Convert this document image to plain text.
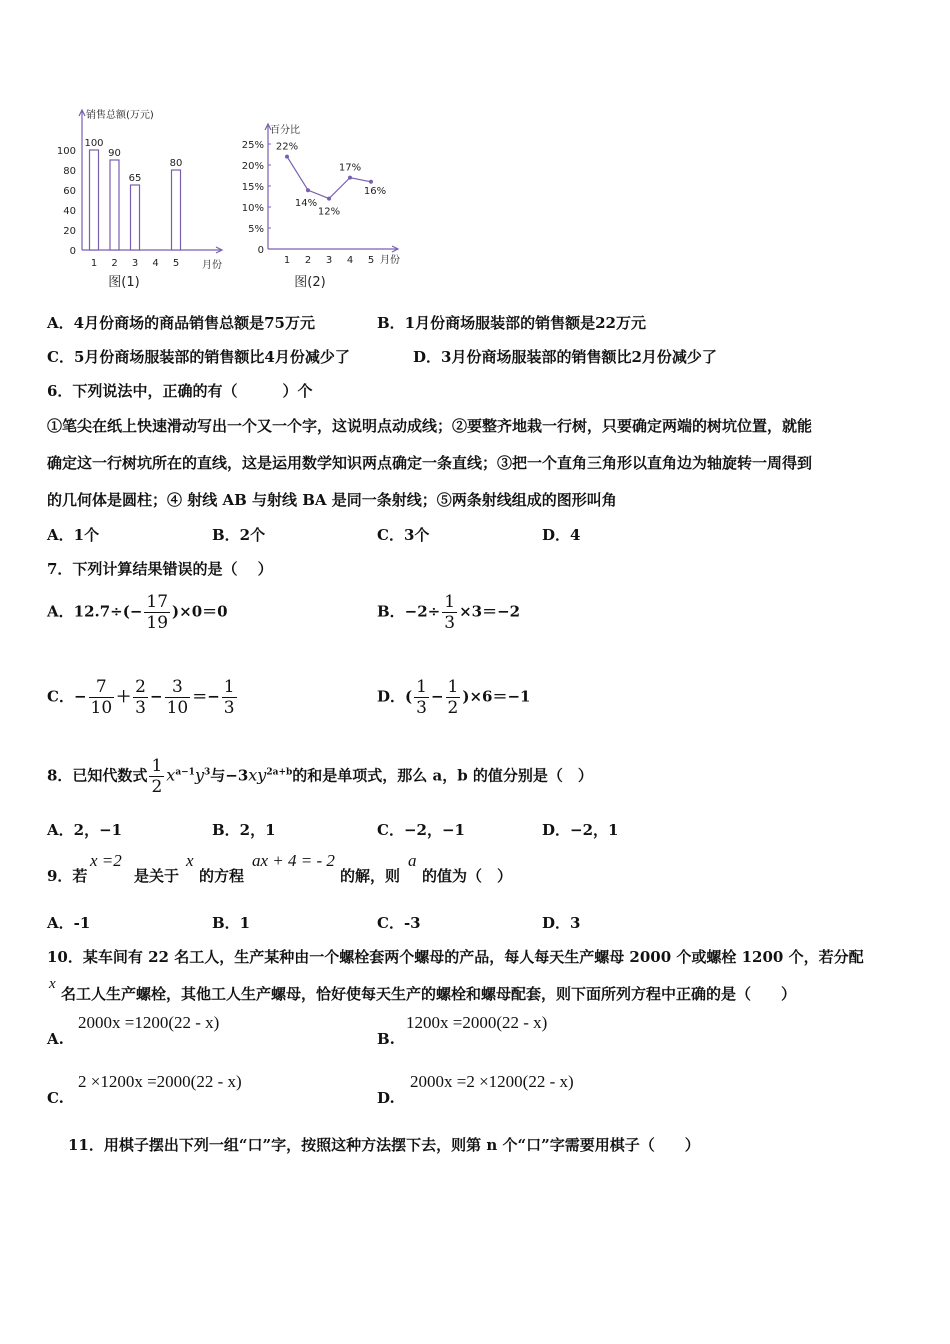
销售总额(万元)
0
20
40
60
80
100
1 2 3 4 5 月份
100
90
65
80
图(1)
百分比
0
5%
10%
15%
20%
25%
1 2 3 4 5 月份
22%
14%
12%
17%
16%
图(2)
A．4月份商场的商品销售总额是75万元	B．1月份商场服装部的销售额是22万元
C．5月份商场服装部的销售额比4月份减少了	D．3月份商场服装部的销售额比2月份减少了
6．下列说法中，正确的有（　　　）个
①笔尖在纸上快速滑动写出一个又一个字，这说明点动成线；②要整齐地栽一行树，只要确定两端的树坑位置，就能
确定这一行树坑所在的直线，这是运用数学知识两点确定一条直线；③把一个直角三角形以直角边为轴旋转一周得到
的几何体是圆柱；④ 射线 AB 与射线 BA 是同一条射线；⑤两条射线组成的图形叫角
A．1个	B．2个	C．3个	D．4
7．下列计算结果错误的是（　 ）
A．$12.7\div(- \frac{17}{19} )\times 0=0$	B．$-2\div \frac{1}{3} \times 3=-2$
C．− $\frac{7}{10} + \frac{2}{3} - \frac{3}{10} =- \frac{1}{3}$	D．( $\frac{1}{3} - \frac{1}{2} )\times 6=-1$
8．已知代数式 $\frac{1}{2} x^{a-1}y^3$与$-3xy^{2a+b}$的和是单项式，那么 a，b 的值分别是（　）
A．2，−1	B．2，1	C．−2，−1	D．−2，1
9．若
x =2
是关于
x
的方程
ax + 4 = - 2
的解，则
a
的值为（　）
A．-1	B．1	C．-3	D．3
10．某车间有 22 名工人，生产某种由一个螺栓套两个螺母的产品，每人每天生产螺母 2000 个或螺栓 1200 个，若分配
x
名工人生产螺栓，其他工人生产螺母，恰好使每天生产的螺栓和螺母配套，则下面所列方程中正确的是（　　）
A.
2000x =1200(22 - x)
B.
1200x =2000(22 - x)
C.
2 ×1200x =2000(22 - x)
D.
2000x =2 ×1200(22 - x)
11．用棋子摆出下列一组“口”字，按照这种方法摆下去，则第 n 个“口”字需要用棋子（　　）
